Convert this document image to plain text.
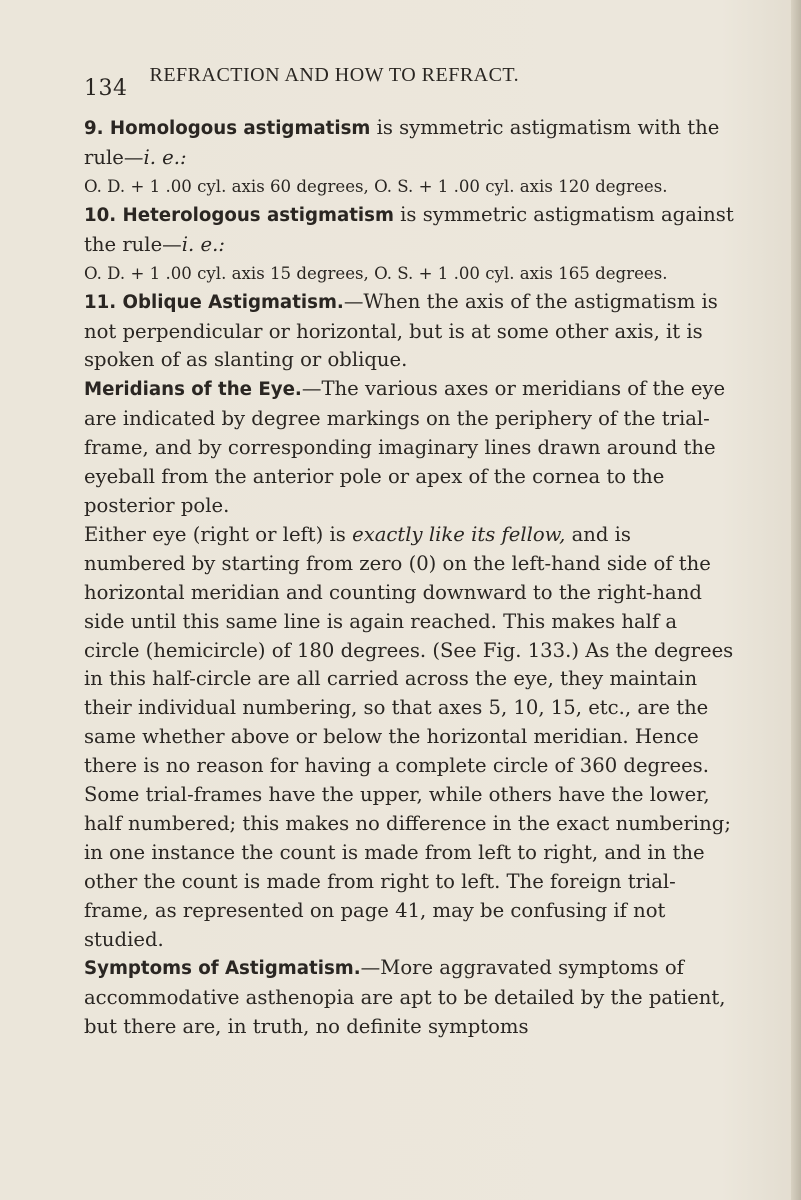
134REFRACTION AND HOW TO REFRACT.

9. Homologous astigmatism is symmetric astigmatism with the rule—i. e.:

O. D. + 1 .00 cyl. axis 60 degrees, O. S. + 1 .00 cyl. axis 120 degrees.

10. Heterologous astigmatism is symmetric astigmatism against the rule—i. e.:

O. D. + 1 .00 cyl. axis 15 degrees, O. S. + 1 .00 cyl. axis 165 degrees.

11. Oblique Astigmatism.—When the axis of the astigmatism is not perpendicular or horizontal, but is at some other axis, it is spoken of as slanting or oblique.

Meridians of the Eye.—The various axes or meridians of the eye are indicated by degree markings on the periphery of the trial-frame, and by corresponding imaginary lines drawn around the eyeball from the anterior pole or apex of the cornea to the posterior pole.

Either eye (right or left) is exactly like its fellow, and is numbered by starting from zero (0) on the left-hand side of the horizontal meridian and counting downward to the right-hand side until this same line is again reached. This makes half a circle (hemicircle) of 180 degrees. (See Fig. 133.) As the degrees in this half-circle are all carried across the eye, they maintain their individual numbering, so that axes 5, 10, 15, etc., are the same whether above or below the horizontal meridian. Hence there is no reason for having a complete circle of 360 degrees. Some trial-frames have the upper, while others have the lower, half numbered; this makes no difference in the exact numbering; in one instance the count is made from left to right, and in the other the count is made from right to left. The foreign trial-frame, as represented on page 41, may be confusing if not studied.

Symptoms of Astigmatism.—More aggravated symptoms of accommodative asthenopia are apt to be detailed by the patient, but there are, in truth, no definite symptoms
